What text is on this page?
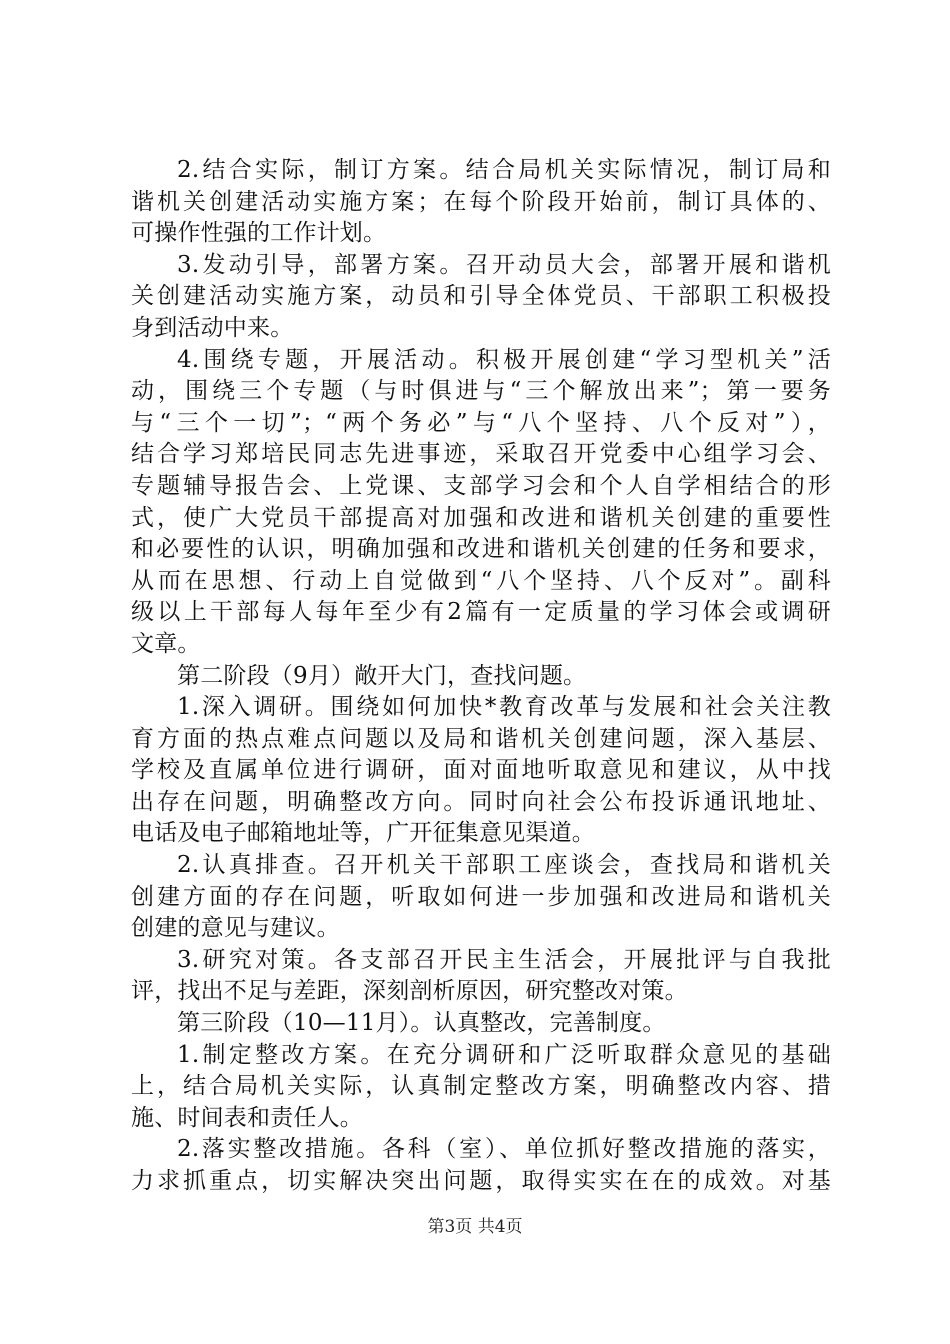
2.结合实际，制订方案。结合局机关实际情况，制订局和
谐机关创建活动实施方案；在每个阶段开始前，制订具体的、
可操作性强的工作计划。
3.发动引导，部署方案。召开动员大会，部署开展和谐机
关创建活动实施方案，动员和引导全体党员、干部职工积极投
身到活动中来。
4.围绕专题，开展活动。积极开展创建“学习型机关”活
动，围绕三个专题（与时俱进与“三个解放出来”；第一要务
与“三个一切”；“两个务必”与“八个坚持、八个反对”），
结合学习郑培民同志先进事迹，采取召开党委中心组学习会、
专题辅导报告会、上党课、支部学习会和个人自学相结合的形
式，使广大党员干部提高对加强和改进和谐机关创建的重要性
和必要性的认识，明确加强和改进和谐机关创建的任务和要求，
从而在思想、行动上自觉做到“八个坚持、八个反对”。副科
级以上干部每人每年至少有2篇有一定质量的学习体会或调研
文章。
第二阶段（9月）敞开大门，查找问题。
1.深入调研。围绕如何加快*教育改革与发展和社会关注教
育方面的热点难点问题以及局和谐机关创建问题，深入基层、
学校及直属单位进行调研，面对面地听取意见和建议，从中找
出存在问题，明确整改方向。同时向社会公布投诉通讯地址、
电话及电子邮箱地址等，广开征集意见渠道。
2.认真排查。召开机关干部职工座谈会，查找局和谐机关
创建方面的存在问题，听取如何进一步加强和改进局和谐机关
创建的意见与建议。
3.研究对策。各支部召开民主生活会，开展批评与自我批
评，找出不足与差距，深刻剖析原因，研究整改对策。
第三阶段（10—11月）。认真整改，完善制度。
1.制定整改方案。在充分调研和广泛听取群众意见的基础
上，结合局机关实际，认真制定整改方案，明确整改内容、措
施、时间表和责任人。
2.落实整改措施。各科（室）、单位抓好整改措施的落实，
力求抓重点，切实解决突出问题，取得实实在在的成效。对基
第3页 共4页
